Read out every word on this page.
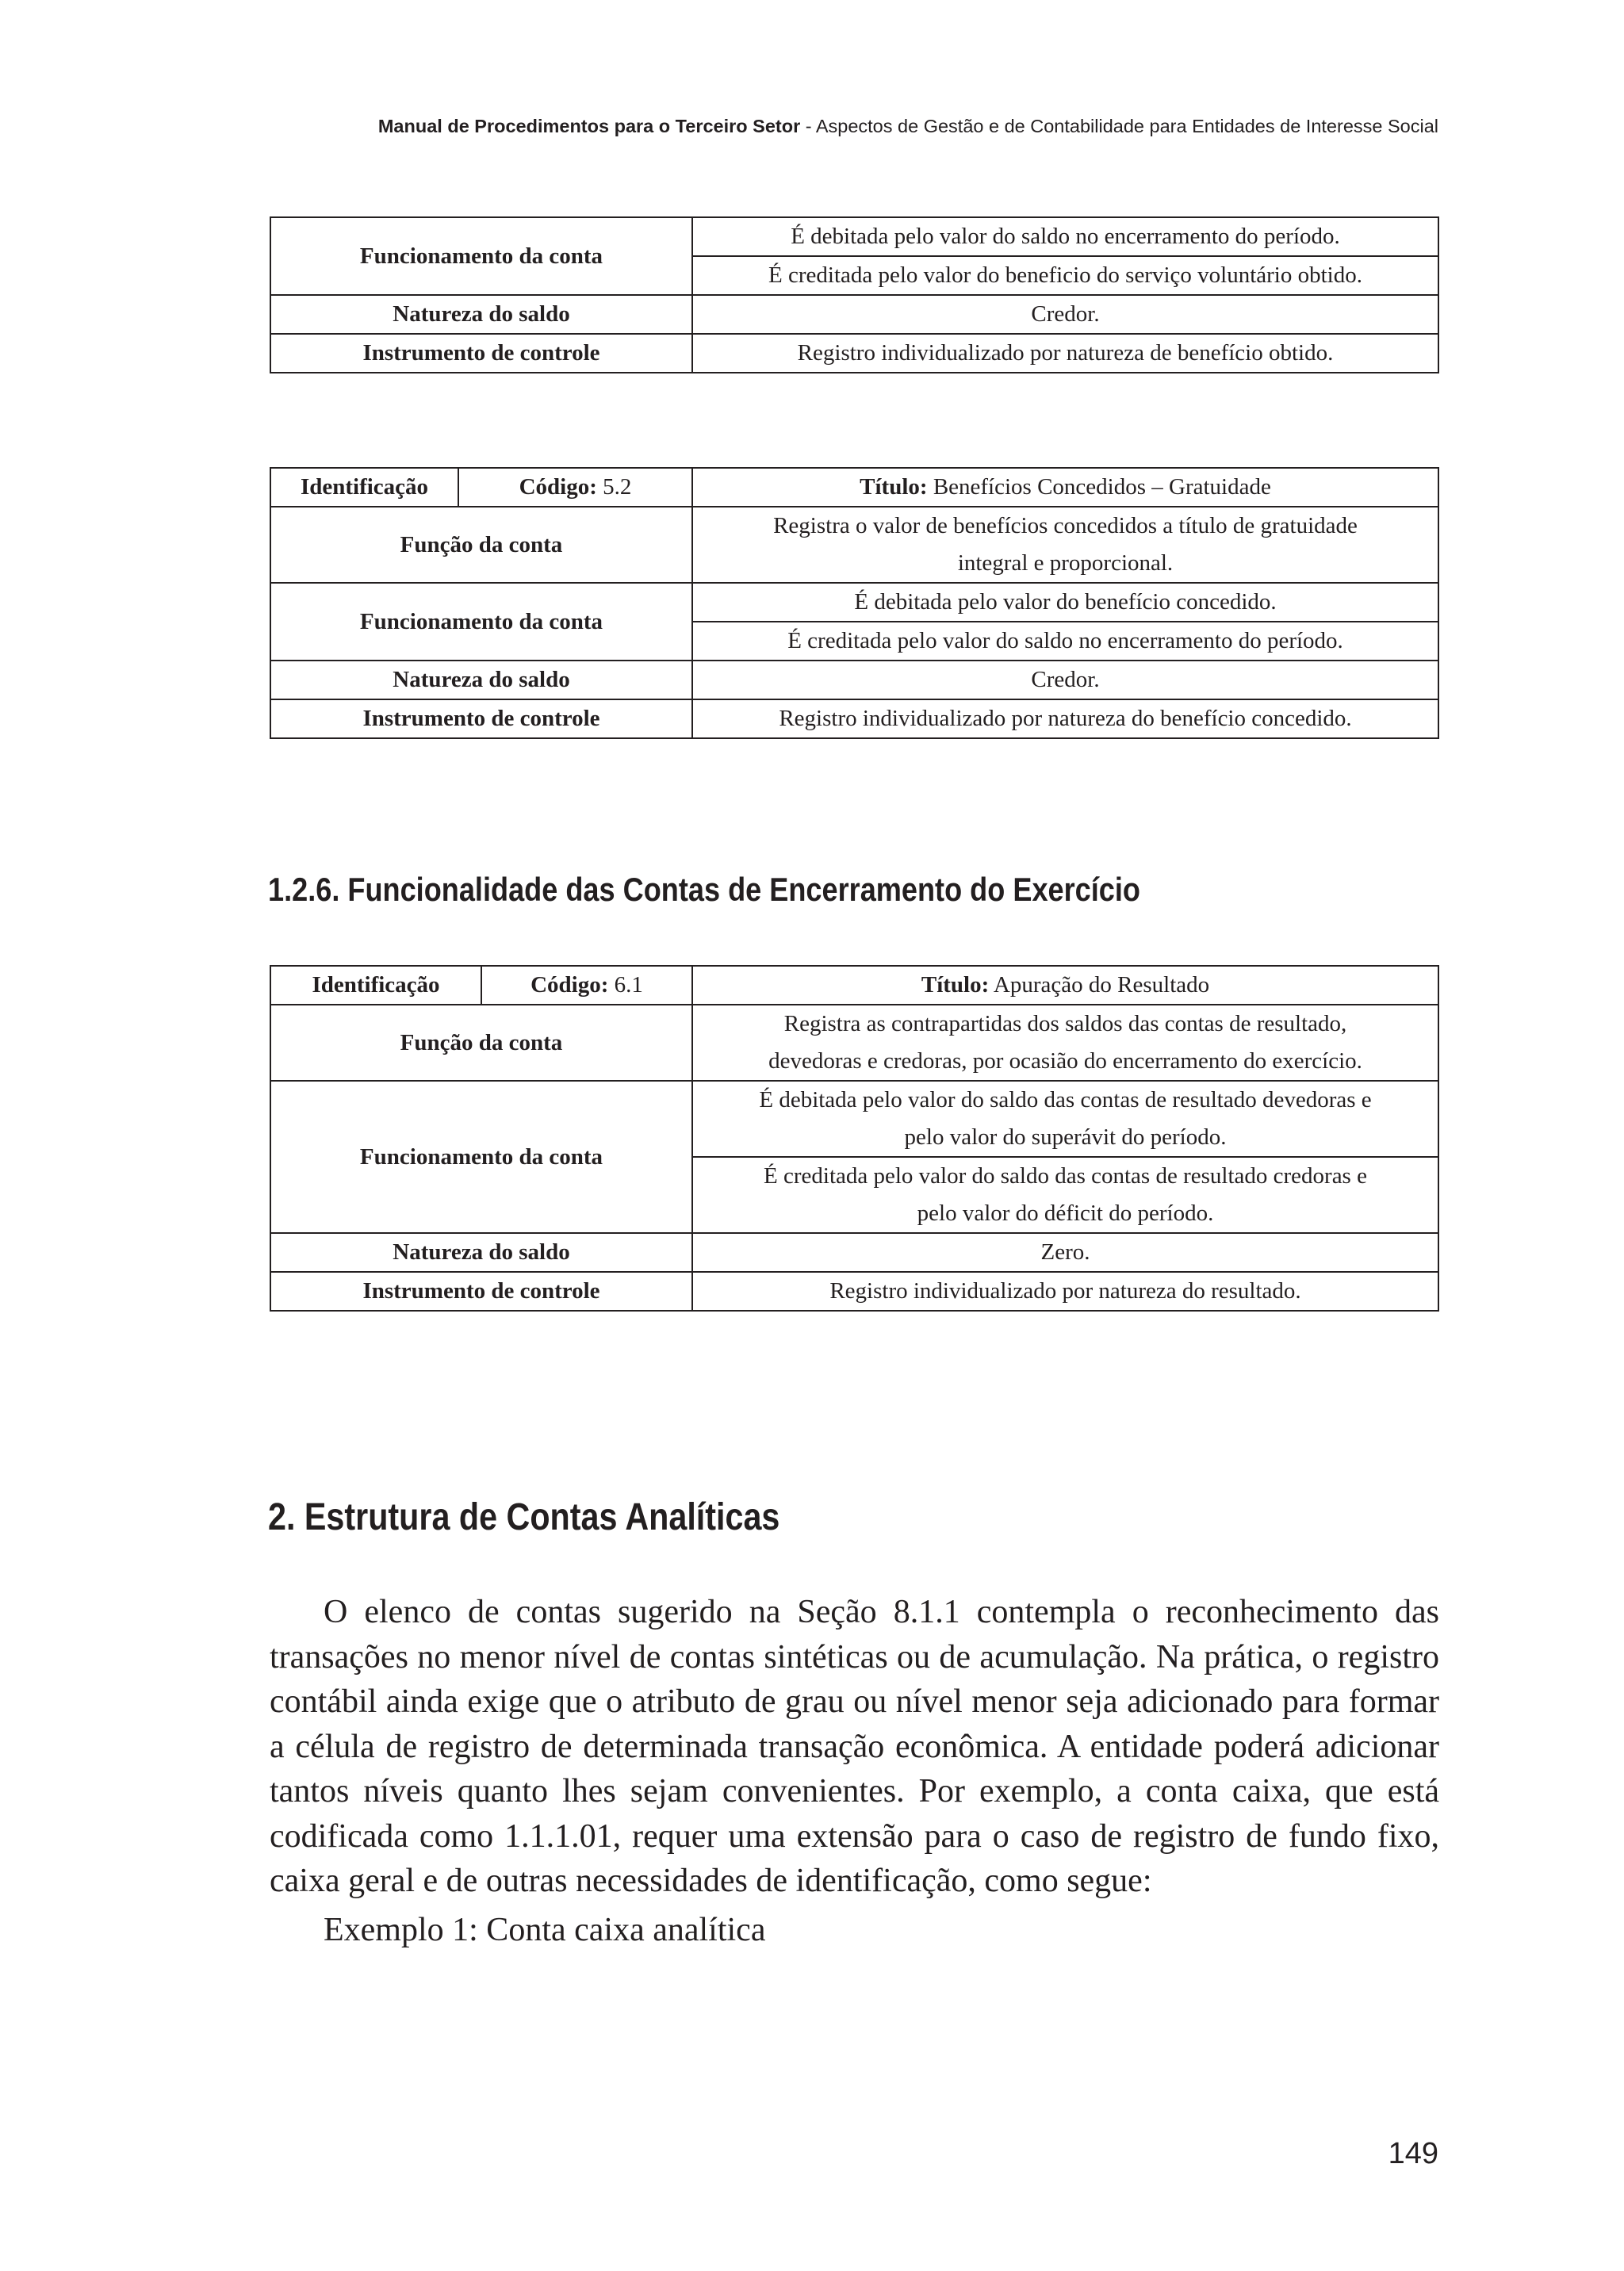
Manual de Procedimentos para o Terceiro Setor - Aspectos de Gestão e de Contabilidade para Entidades de Interesse Social
Funcionamento da conta	É debitada pelo valor do saldo no encerramento do período.
	É creditada pelo valor do beneficio do serviço voluntário obtido.
Natureza do saldo	Credor.
Instrumento de controle	Registro individualizado por natureza de benefício obtido.
Identificação	Código: 5.2	Título: Benefícios Concedidos – Gratuidade
Função da conta		Registra o valor de benefícios concedidos a título de gratuidade
integral e proporcional.
Funcionamento da conta		É debitada pelo valor do benefício concedido.
		É creditada pelo valor do saldo no encerramento do período.
Natureza do saldo		Credor.
Instrumento de controle		Registro individualizado por natureza do benefício concedido.
1.2.6. Funcionalidade das Contas de Encerramento do Exercício
Identificação	Código: 6.1	Título: Apuração do Resultado
Função da conta		Registra as contrapartidas dos saldos das contas de resultado,
devedoras e credoras, por ocasião do encerramento do exercício.
Funcionamento da conta		É debitada pelo valor do saldo das contas de resultado devedoras e
pelo valor do superávit do período.
		É creditada pelo valor do saldo das contas de resultado credoras e
pelo valor do déficit do período.
Natureza do saldo		Zero.
Instrumento de controle		Registro individualizado por natureza do resultado.
2. Estrutura de Contas Analíticas

O elenco de contas sugerido na Seção 8.1.1 contempla o reconhecimento das transações no menor nível de contas sintéticas ou de acumulação. Na prática, o registro contábil ainda exige que o atributo de grau ou nível menor seja adicionado para formar a célula de registro de determinada transação econômica. A entidade poderá adicionar tantos níveis quanto lhes sejam convenientes. Por exemplo, a conta caixa, que está codificada como 1.1.1.01, requer uma extensão para o caso de registro de fundo fixo, caixa geral e de outras necessidades de identificação, como segue:

Exemplo 1: Conta caixa analítica

149
